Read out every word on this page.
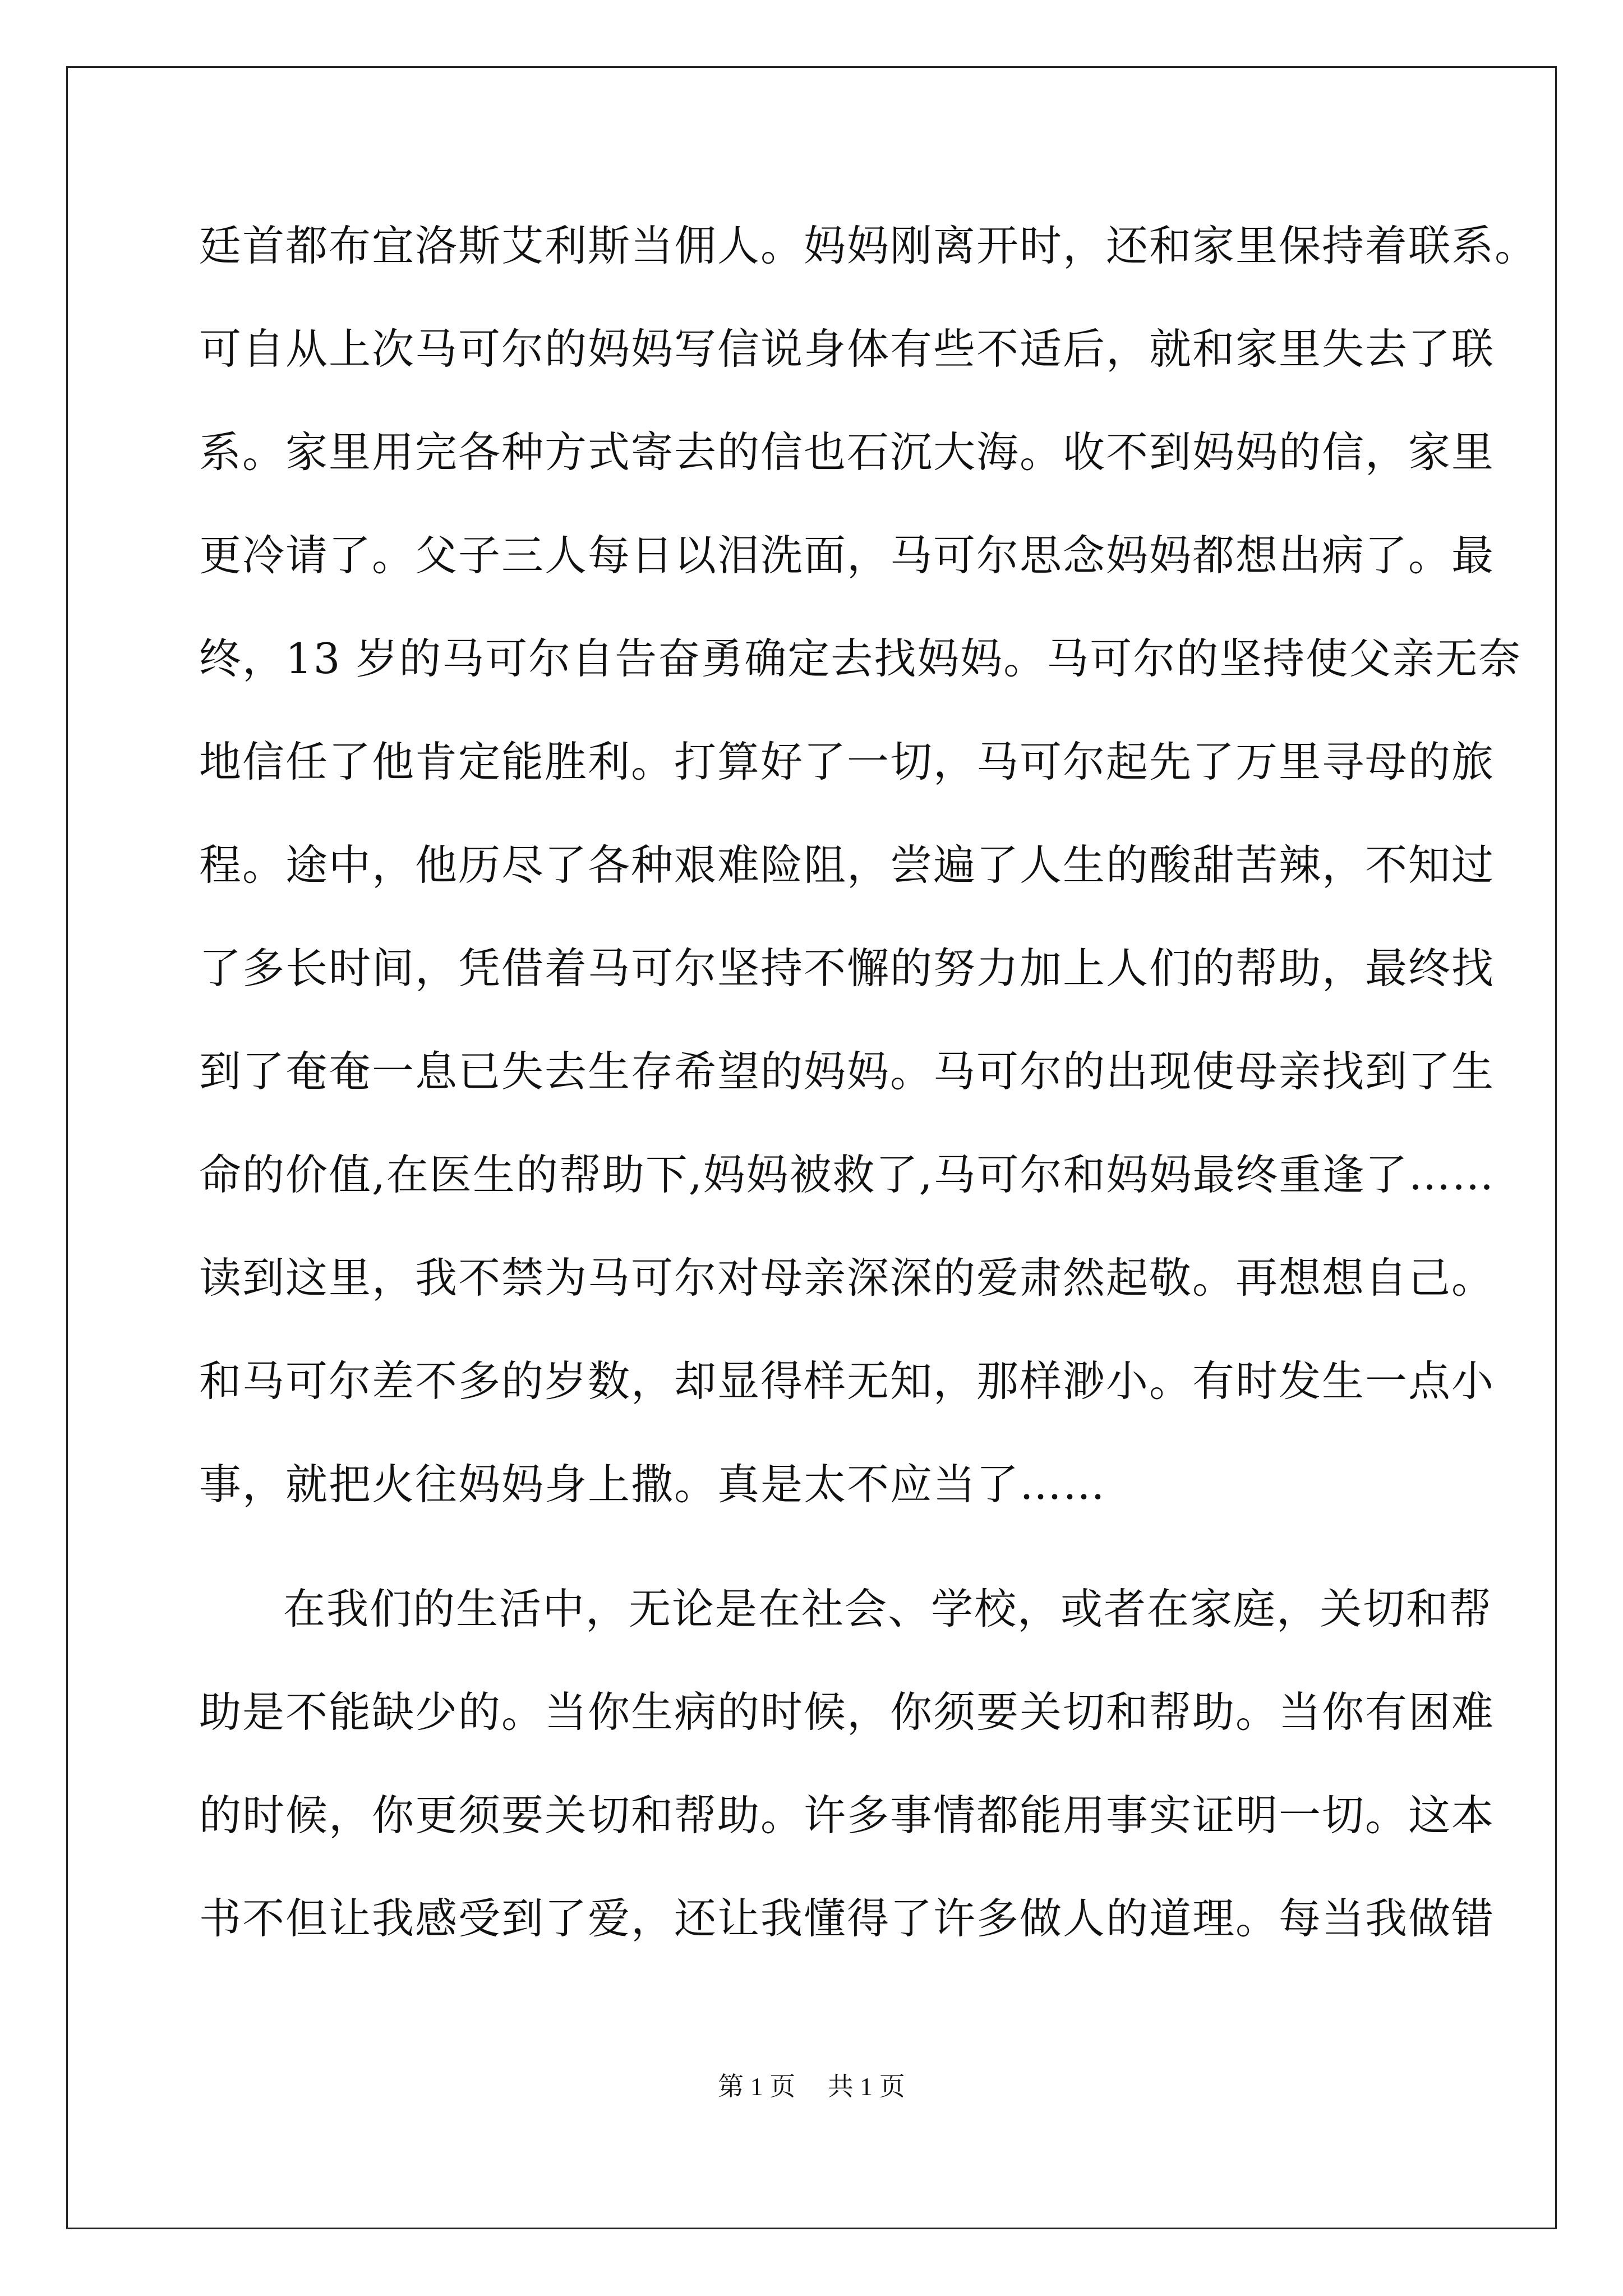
廷首都布宜洛斯艾利斯当佣人。妈妈刚离开时，还和家里保持着联系。
可自从上次马可尔的妈妈写信说身体有些不适后，就和家里失去了联
系。家里用完各种方式寄去的信也石沉大海。收不到妈妈的信，家里
更冷请了。父子三人每日以泪洗面，马可尔思念妈妈都想出病了。最
终，13 岁的马可尔自告奋勇确定去找妈妈。马可尔的坚持使父亲无奈
地信任了他肯定能胜利。打算好了一切，马可尔起先了万里寻母的旅
程。途中，他历尽了各种艰难险阻，尝遍了人生的酸甜苦辣，不知过
了多长时间，凭借着马可尔坚持不懈的努力加上人们的帮助，最终找
到了奄奄一息已失去生存希望的妈妈。马可尔的出现使母亲找到了生
命的价值,在医生的帮助下,妈妈被救了,马可尔和妈妈最终重逢了……
读到这里，我不禁为马可尔对母亲深深的爱肃然起敬。再想想自己。
和马可尔差不多的岁数，却显得样无知，那样渺小。有时发生一点小
事，就把火往妈妈身上撒。真是太不应当了……
在我们的生活中，无论是在社会、学校，或者在家庭，关切和帮
助是不能缺少的。当你生病的时候，你须要关切和帮助。当你有困难
的时候，你更须要关切和帮助。许多事情都能用事实证明一切。这本
书不但让我感受到了爱，还让我懂得了许多做人的道理。每当我做错
第 1 页 共 1 页
